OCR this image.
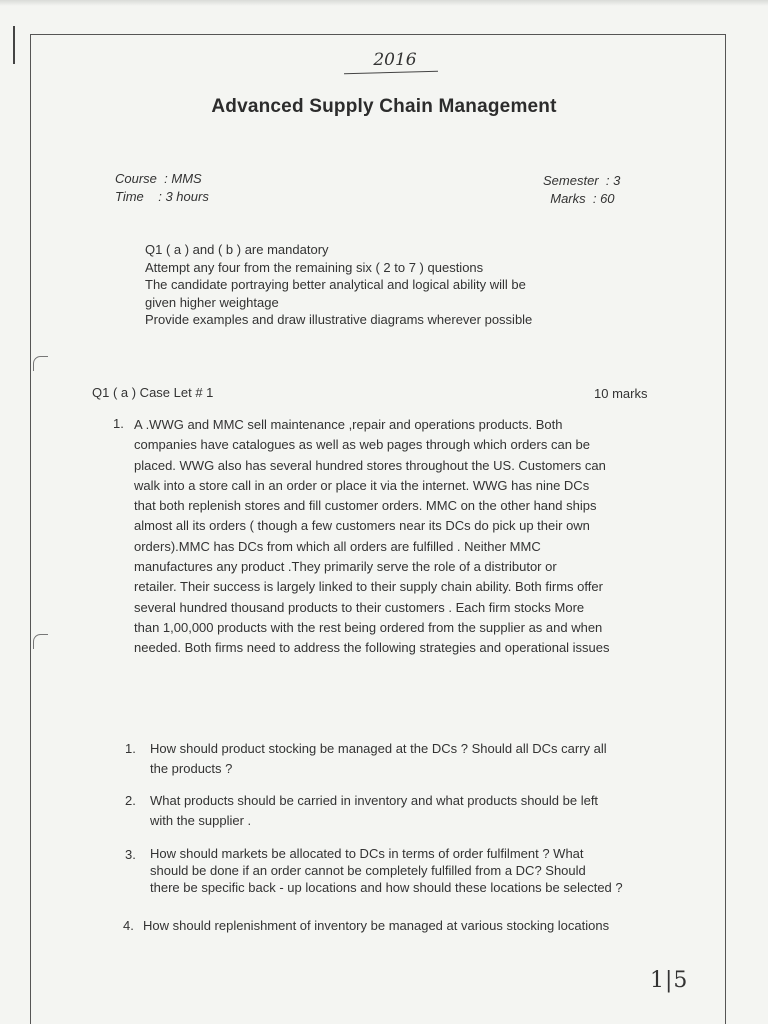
2016
Advanced Supply Chain Management
Course  : MMS
Time    : 3 hours
Semester  : 3
Marks  : 60
Q1 ( a ) and ( b ) are mandatory
Attempt any four from the remaining six ( 2 to 7 ) questions
The candidate portraying better analytical and logical ability will be
given higher weightage
Provide examples and draw illustrative diagrams wherever possible
Q1 ( a ) Case Let # 1	10 marks
1. A .WWG and MMC sell maintenance ,repair and operations products. Both
companies have catalogues as well as web pages through which orders can be
placed. WWG also has several hundred stores throughout the US. Customers can
walk into a store call in an order or place it via the internet. WWG has nine DCs
that both replenish stores and fill customer orders. MMC on the other hand ships
almost all its orders ( though a few customers near its DCs do pick up their own
orders).MMC has DCs from which all orders are fulfilled . Neither MMC
manufactures any product .They primarily serve the role of a distributor or
retailer. Their success is largely linked to their supply chain ability. Both firms offer
several hundred thousand products to their customers . Each firm stocks More
than 1,00,000 products with the rest being ordered from the supplier as and when
needed. Both firms need to address the following strategies and operational issues
1. How should product stocking be managed at the DCs ? Should all DCs carry all
the products ?
2. What products should be carried in inventory and what products should be left
with the supplier .
3. How should markets be allocated to DCs in terms of order fulfilment ? What
should be done if an order cannot be completely fulfilled from a DC? Should
there be specific back - up locations and how should these locations be selected ?
4. How should replenishment of inventory be managed at various stocking locations
1|5
